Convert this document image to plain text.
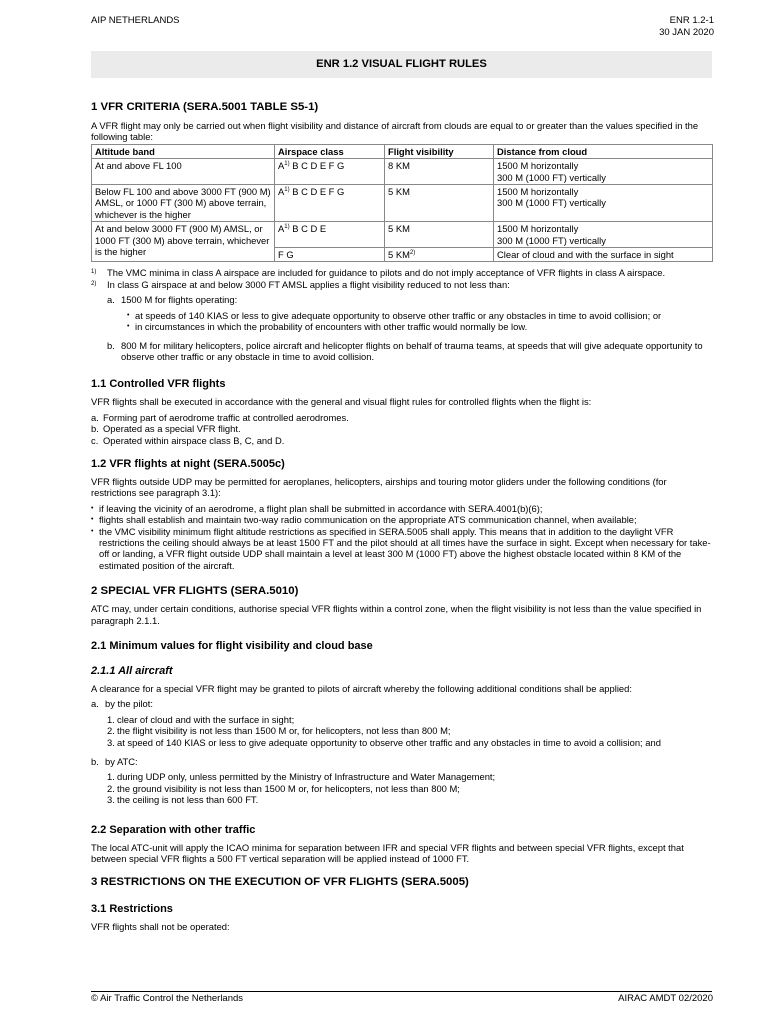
AIP NETHERLANDS	ENR 1.2-1
30 JAN 2020
ENR 1.2 VISUAL FLIGHT RULES
1 VFR CRITERIA (SERA.5001 TABLE S5-1)

A VFR flight may only be carried out when flight visibility and distance of aircraft from clouds are equal to or greater than the values specified in the following table:

Altitude band	Airspace class	Flight visibility	Distance from cloud
At and above FL 100	$A^{1)}$ B C D E F G	8 KM	1500 M horizontally
300 M (1000 FT) vertically

Below FL 100 and above 3000 FT (900 M) AMSL, or 1000 FT (300 M) above terrain, whichever is the higher	$A^{1)}$ B C D E F G	5 KM	1500 M horizontally
300 M (1000 FT) vertically

At and below 3000 FT (900 M) AMSL, or 1000 FT (300 M) above terrain, whichever is the higher	$A^{1)}$ B C D E	5 KM	1500 M horizontally
300 M (1000 FT) vertically

	F G	5 KM$^{2)}$	Clear of cloud and with the surface in sight
1)	The VMC minima in class A airspace are included for guidance to pilots and do not imply acceptance of VFR flights in class A airspace.
2)	In class G airspace at and below 3000 FT AMSL applies a flight visibility reduced to not less than:
a. 1500 M for flights operating:
• at speeds of 140 KIAS or less to give adequate opportunity to observe other traffic or any obstacles in time to avoid collision; or
• in circumstances in which the probability of encounters with other traffic would normally be low.
b. 800 M for military helicopters, police aircraft and helicopter flights on behalf of trauma teams, at speeds that will give adequate opportunity to observe other traffic or any obstacle in time to avoid collision.
1.1 Controlled VFR flights

VFR flights shall be executed in accordance with the general and visual flight rules for controlled flights when the flight is:

a. Forming part of aerodrome traffic at controlled aerodromes.
b. Operated as a special VFR flight.
c. Operated within airspace class B, C, and D.
1.2 VFR flights at night (SERA.5005c)

VFR flights outside UDP may be permitted for aeroplanes, helicopters, airships and touring motor gliders under the following conditions (for restrictions see paragraph 3.1):

• if leaving the vicinity of an aerodrome, a flight plan shall be submitted in accordance with SERA.4001(b)(6);
• flights shall establish and maintain two-way radio communication on the appropriate ATS communication channel, when available;
• the VMC visibility minimum flight altitude restrictions as specified in SERA.5005 shall apply. This means that in addition to the daylight VFR restrictions the ceiling should always be at least 1500 FT and the pilot should at all times have the surface in sight. Except when necessary for take-off or landing, a VFR flight outside UDP shall maintain a level at least 300 M (1000 FT) above the highest obstacle located within 8 KM of the estimated position of the aircraft.
2 SPECIAL VFR FLIGHTS (SERA.5010)

ATC may, under certain conditions, authorise special VFR flights within a control zone, when the flight visibility is not less than the value specified in paragraph 2.1.1.

2.1 Minimum values for flight visibility and cloud base
2.1.1 All aircraft

A clearance for a special VFR flight may be granted to pilots of aircraft whereby the following additional conditions shall be applied:

a. by the pilot:
1. clear of cloud and with the surface in sight;
2. the flight visibility is not less than 1500 M or, for helicopters, not less than 800 M;
3. at speed of 140 KIAS or less to give adequate opportunity to observe other traffic and any obstacles in time to avoid a collision; and
b. by ATC:
1. during UDP only, unless permitted by the Ministry of Infrastructure and Water Management;
2. the ground visibility is not less than 1500 M or, for helicopters, not less than 800 M;
3. the ceiling is not less than 600 FT.
2.2 Separation with other traffic

The local ATC-unit will apply the ICAO minima for separation between IFR and special VFR flights and between special VFR flights, except that between special VFR flights a 500 FT vertical separation will be applied instead of 1000 FT.

3 RESTRICTIONS ON THE EXECUTION OF VFR FLIGHTS (SERA.5005)
3.1 Restrictions

VFR flights shall not be operated:

© Air Traffic Control the Netherlands	AIRAC AMDT 02/2020
